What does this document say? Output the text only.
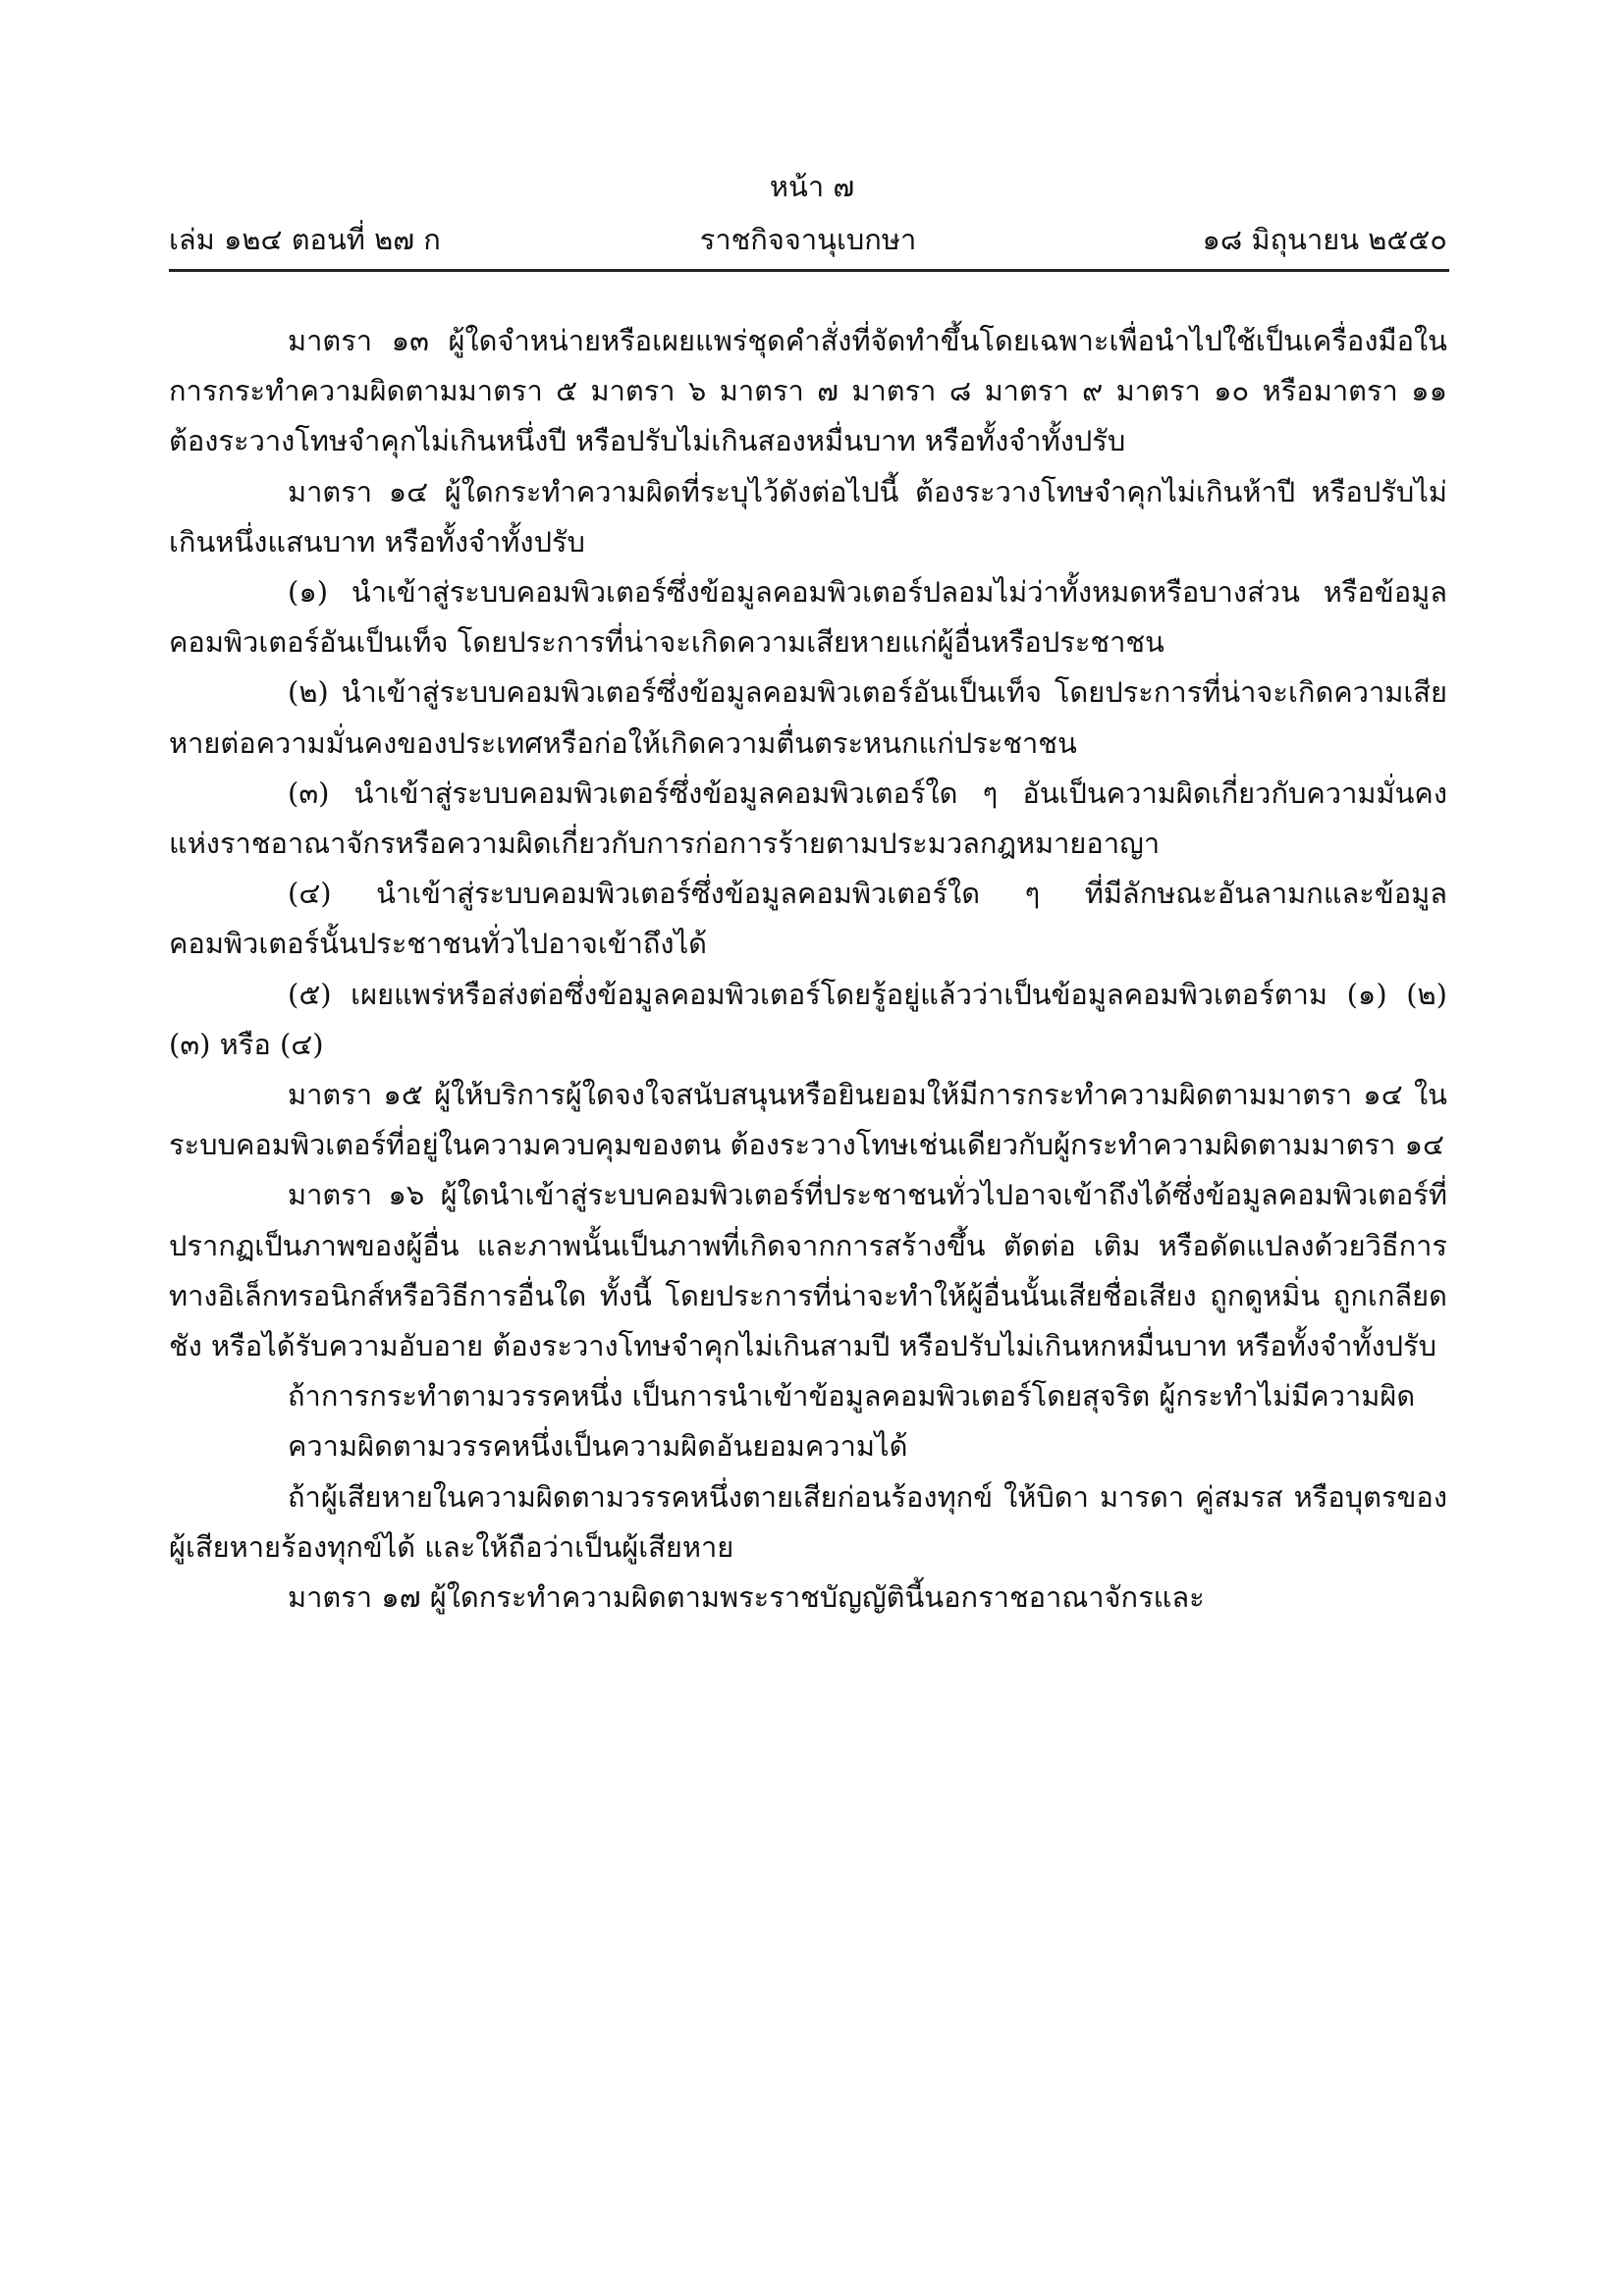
หน้า ๗
เล่ม ๑๒๔ ตอนที่ ๒๗ ก	ราชกิจจานุเบกษา	๑๘ มิถุนายน ๒๕๕๐

มาตรา ๑๓ ผู้ใดจำหน่ายหรือเผยแพร่ชุดคำสั่งที่จัดทำขึ้นโดยเฉพาะเพื่อนำไปใช้เป็นเครื่องมือในการกระทำความผิดตามมาตรา ๕ มาตรา ๖ มาตรา ๗ มาตรา ๘ มาตรา ๙ มาตรา ๑๐ หรือมาตรา ๑๑ ต้องระวางโทษจำคุกไม่เกินหนึ่งปี หรือปรับไม่เกินสองหมื่นบาท หรือทั้งจำทั้งปรับ

มาตรา ๑๔ ผู้ใดกระทำความผิดที่ระบุไว้ดังต่อไปนี้ ต้องระวางโทษจำคุกไม่เกินห้าปี หรือปรับไม่เกินหนึ่งแสนบาท หรือทั้งจำทั้งปรับ

(๑) นำเข้าสู่ระบบคอมพิวเตอร์ซึ่งข้อมูลคอมพิวเตอร์ปลอมไม่ว่าทั้งหมดหรือบางส่วน หรือข้อมูลคอมพิวเตอร์อันเป็นเท็จ โดยประการที่น่าจะเกิดความเสียหายแก่ผู้อื่นหรือประชาชน

(๒) นำเข้าสู่ระบบคอมพิวเตอร์ซึ่งข้อมูลคอมพิวเตอร์อันเป็นเท็จ โดยประการที่น่าจะเกิดความเสียหายต่อความมั่นคงของประเทศหรือก่อให้เกิดความตื่นตระหนกแก่ประชาชน

(๓) นำเข้าสู่ระบบคอมพิวเตอร์ซึ่งข้อมูลคอมพิวเตอร์ใด ๆ อันเป็นความผิดเกี่ยวกับความมั่นคงแห่งราชอาณาจักรหรือความผิดเกี่ยวกับการก่อการร้ายตามประมวลกฎหมายอาญา

(๔) นำเข้าสู่ระบบคอมพิวเตอร์ซึ่งข้อมูลคอมพิวเตอร์ใด ๆ ที่มีลักษณะอันลามกและข้อมูลคอมพิวเตอร์นั้นประชาชนทั่วไปอาจเข้าถึงได้

(๕) เผยแพร่หรือส่งต่อซึ่งข้อมูลคอมพิวเตอร์โดยรู้อยู่แล้วว่าเป็นข้อมูลคอมพิวเตอร์ตาม (๑) (๒) (๓) หรือ (๔)

มาตรา ๑๕ ผู้ให้บริการผู้ใดจงใจสนับสนุนหรือยินยอมให้มีการกระทำความผิดตามมาตรา ๑๔ ในระบบคอมพิวเตอร์ที่อยู่ในความควบคุมของตน ต้องระวางโทษเช่นเดียวกับผู้กระทำความผิดตามมาตรา ๑๔

มาตรา ๑๖ ผู้ใดนำเข้าสู่ระบบคอมพิวเตอร์ที่ประชาชนทั่วไปอาจเข้าถึงได้ซึ่งข้อมูลคอมพิวเตอร์ที่ปรากฏเป็นภาพของผู้อื่น และภาพนั้นเป็นภาพที่เกิดจากการสร้างขึ้น ตัดต่อ เติม หรือดัดแปลงด้วยวิธีการทางอิเล็กทรอนิกส์หรือวิธีการอื่นใด ทั้งนี้ โดยประการที่น่าจะทำให้ผู้อื่นนั้นเสียชื่อเสียง ถูกดูหมิ่น ถูกเกลียดชัง หรือได้รับความอับอาย ต้องระวางโทษจำคุกไม่เกินสามปี หรือปรับไม่เกินหกหมื่นบาท หรือทั้งจำทั้งปรับ

ถ้าการกระทำตามวรรคหนึ่ง เป็นการนำเข้าข้อมูลคอมพิวเตอร์โดยสุจริต ผู้กระทำไม่มีความผิด

ความผิดตามวรรคหนึ่งเป็นความผิดอันยอมความได้

ถ้าผู้เสียหายในความผิดตามวรรคหนึ่งตายเสียก่อนร้องทุกข์ ให้บิดา มารดา คู่สมรส หรือบุตรของผู้เสียหายร้องทุกข์ได้ และให้ถือว่าเป็นผู้เสียหาย

มาตรา ๑๗ ผู้ใดกระทำความผิดตามพระราชบัญญัตินี้นอกราชอาณาจักรและ
